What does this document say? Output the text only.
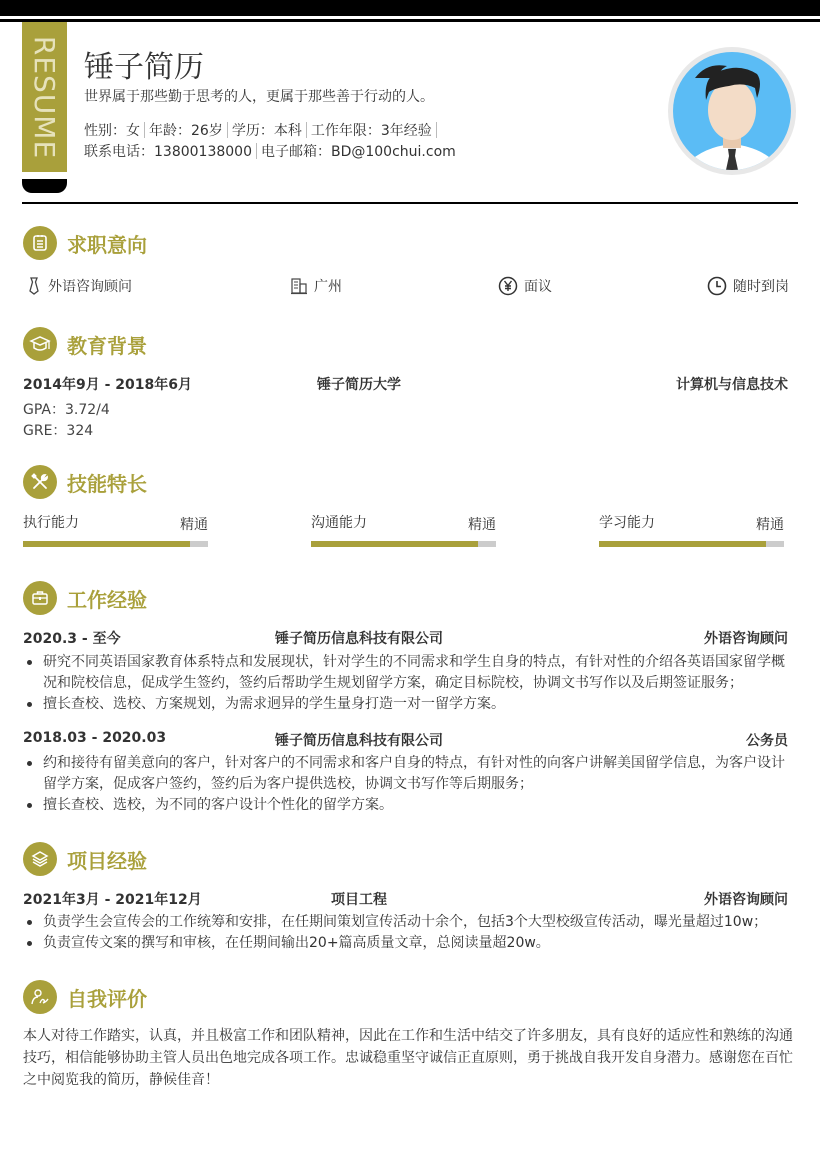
RESUME 锤子简历
世界属于那些勤于思考的人，更属于那些善于行动的人。
性别：女 年龄：26岁 学历：本科 工作年限：3年经验
联系电话：13800138000 电子邮箱：BD@100chui.com
求职意向
外语咨询顾问	广州	面议	随时到岗
教育背景
2014年9月 - 2018年6月	锤子简历大学	计算机与信息技术
GPA：3.72/4
GRE：324
技能特长
执行能力	精通	沟通能力	精通	学习能力	精通
工作经验
2020.3 - 至今	锤子简历信息科技有限公司	外语咨询顾问
研究不同英语国家教育体系特点和发展现状，针对学生的不同需求和学生自身的特点，有针对性的介绍各英语国家留学概况和院校信息，促成学生签约，签约后帮助学生规划留学方案，确定目标院校，协调文书写作以及后期签证服务；
擅长查校、选校、方案规划，为需求迥异的学生量身打造一对一留学方案。
2018.03 - 2020.03	锤子简历信息科技有限公司	公务员
约和接待有留美意向的客户，针对客户的不同需求和客户自身的特点，有针对性的向客户讲解美国留学信息，为客户设计留学方案，促成客户签约，签约后为客户提供选校，协调文书写作等后期服务；
擅长查校、选校，为不同的客户设计个性化的留学方案。
项目经验
2021年3月 - 2021年12月	项目工程	外语咨询顾问
负责学生会宣传会的工作统筹和安排，在任期间策划宣传活动十余个，包括3个大型校级宣传活动，曝光量超过10w；
负责宣传文案的撰写和审核，在任期间输出20+篇高质量文章，总阅读量超20w。
自我评价
本人对待工作踏实，认真，并且极富工作和团队精神，因此在工作和生活中结交了许多朋友，具有良好的适应性和熟练的沟通技巧，相信能够协助主管人员出色地完成各项工作。忠诚稳重坚守诚信正直原则，勇于挑战自我开发自身潜力。感谢您在百忙之中阅览我的简历，静候佳音！
